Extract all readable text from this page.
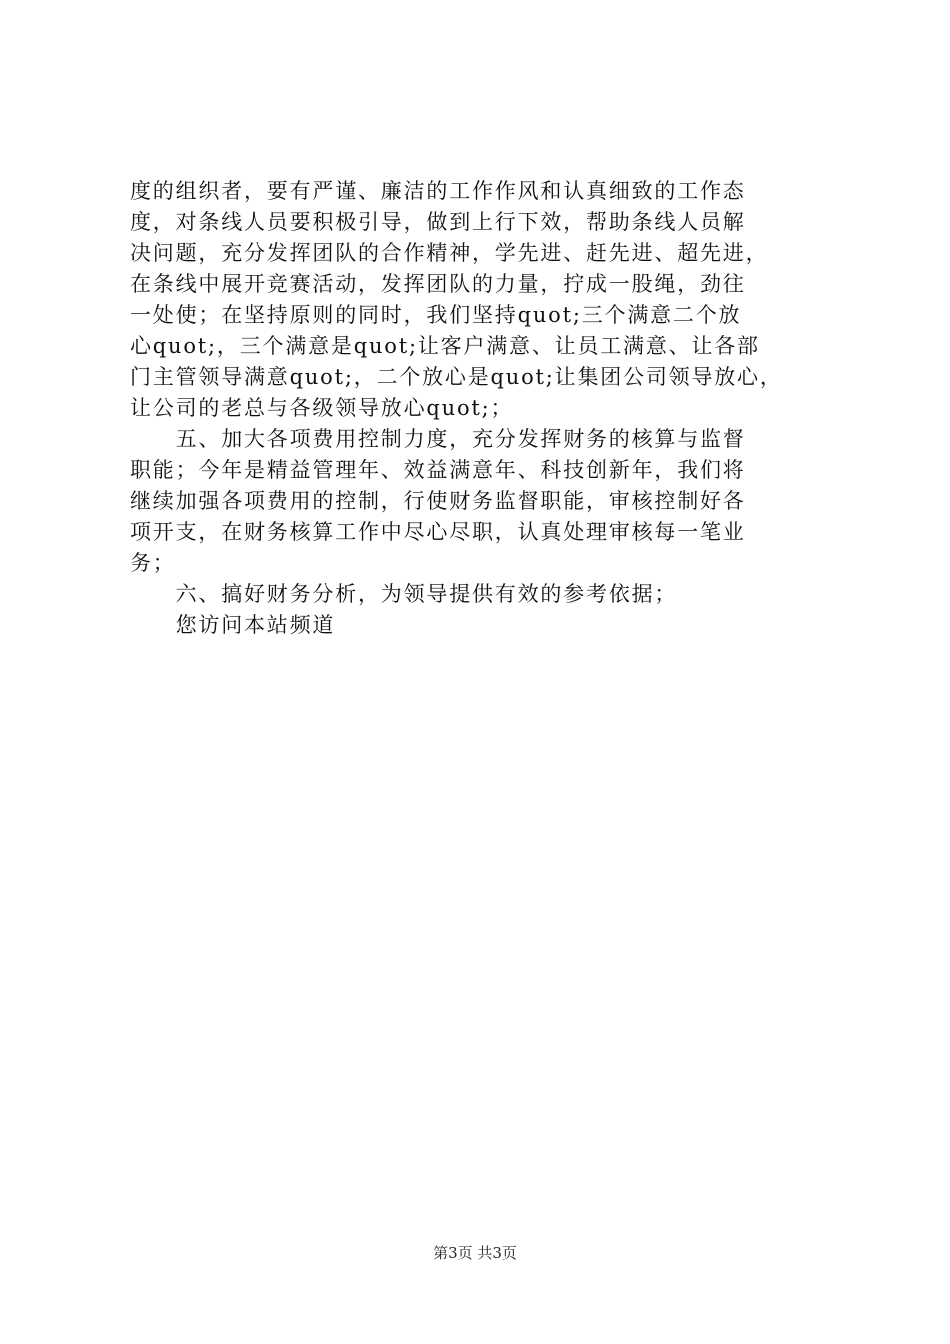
度的组织者，要有严谨、廉洁的工作作风和认真细致的工作态
度，对条线人员要积极引导，做到上行下效，帮助条线人员解
决问题，充分发挥团队的合作精神，学先进、赶先进、超先进，
在条线中展开竞赛活动，发挥团队的力量，拧成一股绳，劲往
一处使；在坚持原则的同时，我们坚持quot;三个满意二个放
心quot;，三个满意是quot;让客户满意、让员工满意、让各部
门主管领导满意quot;，二个放心是quot;让集团公司领导放心，
让公司的老总与各级领导放心quot;；
　　五、加大各项费用控制力度，充分发挥财务的核算与监督
职能；今年是精益管理年、效益满意年、科技创新年，我们将
继续加强各项费用的控制，行使财务监督职能，审核控制好各
项开支，在财务核算工作中尽心尽职，认真处理审核每一笔业
务；
　　六、搞好财务分析，为领导提供有效的参考依据；
　　您访问本站频道
第3页 共3页
